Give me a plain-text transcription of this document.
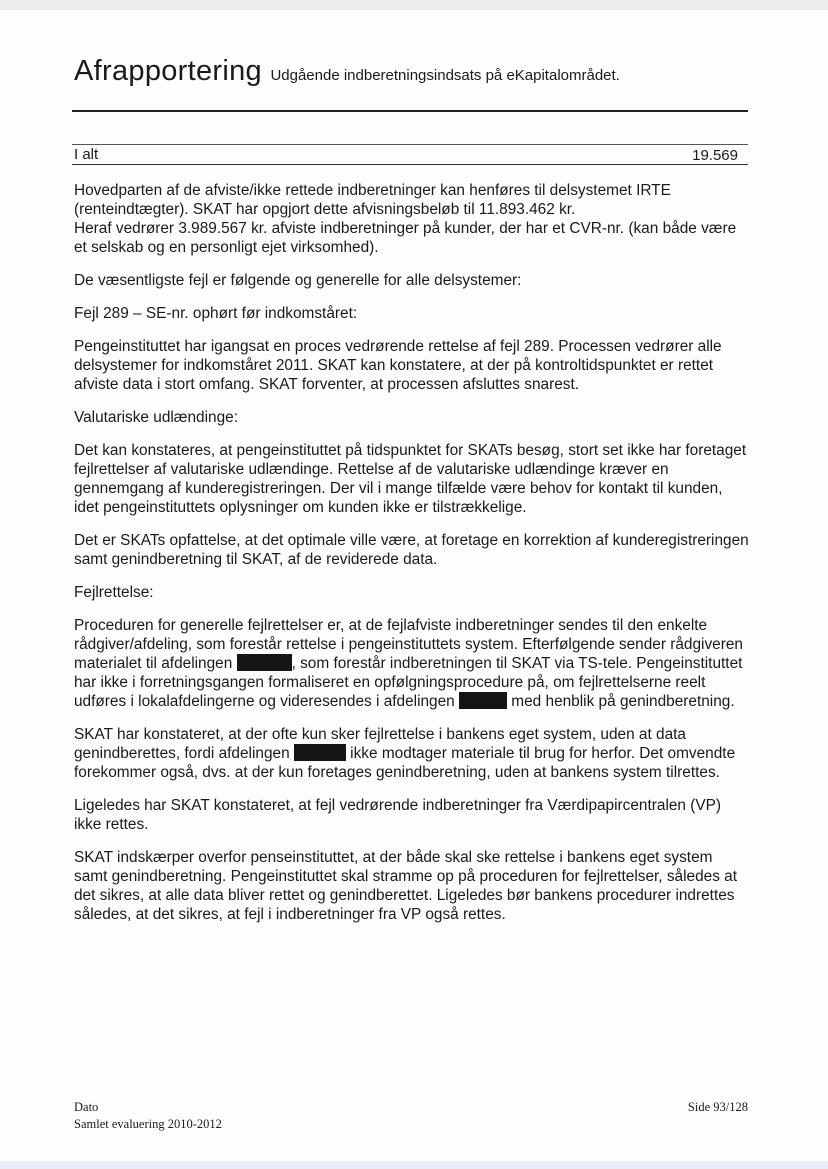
Afrapportering Udgående indberetningsindsats på eKapitalområdet.
I alt	19.569

Hovedparten af de afviste/ikke rettede indberetninger kan henføres til delsystemet IRTE (renteindtægter). SKAT har opgjort dette afvisningsbeløb til 11.893.462 kr.
Heraf vedrører 3.989.567 kr. afviste indberetninger på kunder, der har et CVR-nr. (kan både være et selskab og en personligt ejet virksomhed).

De væsentligste fejl er følgende og generelle for alle delsystemer:

Fejl 289 – SE-nr. ophørt før indkomståret:

Pengeinstituttet har igangsat en proces vedrørende rettelse af fejl 289. Processen vedrører alle delsystemer for indkomståret 2011. SKAT kan konstatere, at der på kontroltidspunktet er rettet afviste data i stort omfang. SKAT forventer, at processen afsluttes snarest.

Valutariske udlændinge:

Det kan konstateres, at pengeinstituttet på tidspunktet for SKATs besøg, stort set ikke har foretaget fejlrettelser af valutariske udlændinge. Rettelse af de valutariske udlændinge kræver en gennemgang af kunderegistreringen. Der vil i mange tilfælde være behov for kontakt til kunden, idet pengeinstituttets oplysninger om kunden ikke er tilstrækkelige.

Det er SKATs opfattelse, at det optimale ville være, at foretage en korrektion af kunderegistreringen samt genindberetning til SKAT, af de reviderede data.

Fejlrettelse:

Proceduren for generelle fejlrettelser er, at de fejlafviste indberetninger sendes til den enkelte rådgiver/afdeling, som forestår rettelse i pengeinstituttets system. Efterfølgende sender rådgiveren materialet til afdelingen	, som forestår indberetningen til SKAT via TS-tele. Pengeinstituttet har ikke i forretningsgangen formaliseret en opfølgningsprocedure på, om fejlrettelserne reelt udføres i lokalafdelingerne og videresendes i afdelingen	med henblik på genindberetning.

SKAT har konstateret, at der ofte kun sker fejlrettelse i bankens eget system, uden at data genindberettes, fordi afdelingen	ikke modtager materiale til brug for herfor. Det omvendte forekommer også, dvs. at der kun foretages genindberetning, uden at bankens system tilrettes.

Ligeledes har SKAT konstateret, at fejl vedrørende indberetninger fra Værdipapircentralen (VP) ikke rettes.

SKAT indskærper overfor penseinstituttet, at der både skal ske rettelse i bankens eget system samt genindberetning. Pengeinstituttet skal stramme op på proceduren for fejlrettelser, således at det sikres, at alle data bliver rettet og genindberettet. Ligeledes bør bankens procedurer indrettes således, at det sikres, at fejl i indberetninger fra VP også rettes.

Dato
Samlet evaluering 2010-2012
Side 93/128
